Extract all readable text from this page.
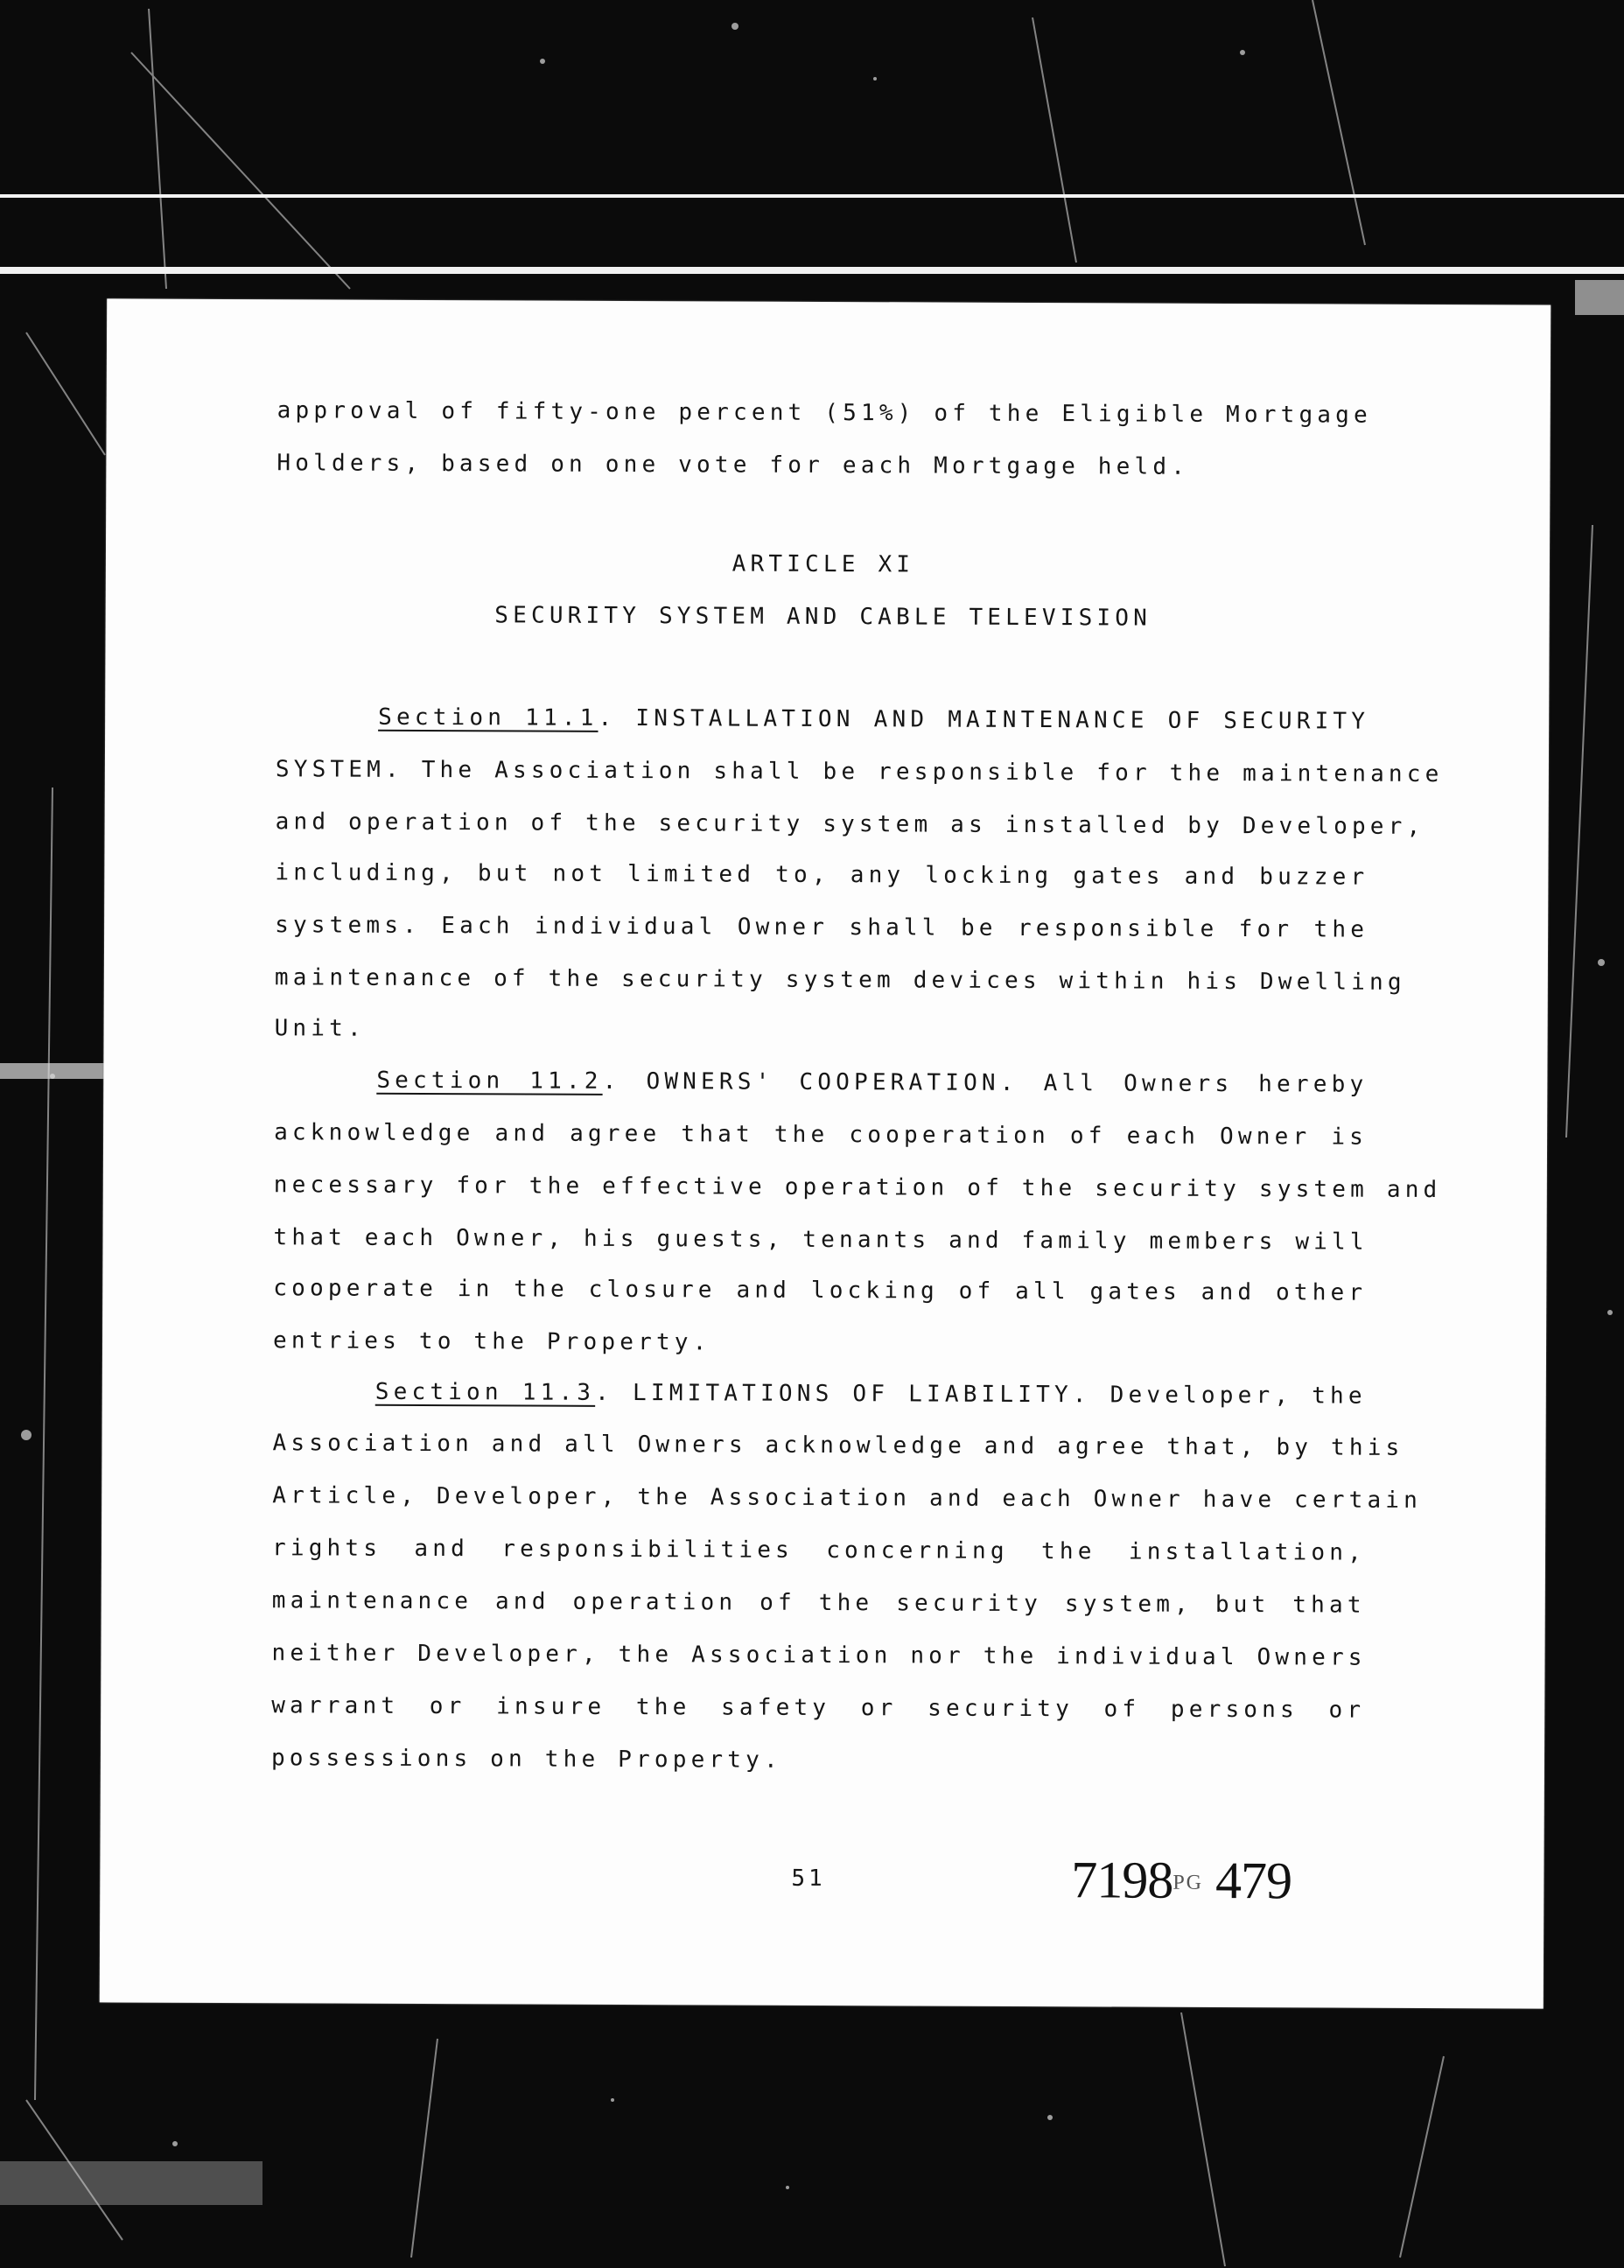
approval of fifty-one percent (51%) of the Eligible Mortgage
Holders, based on one vote for each Mortgage held.
ARTICLE XI
SECURITY SYSTEM AND CABLE TELEVISION
Section 11.1. INSTALLATION AND MAINTENANCE OF SECURITY
SYSTEM. The Association shall be responsible for the maintenance
and operation of the security system as installed by Developer,
including, but not limited to, any locking gates and buzzer
systems. Each individual Owner shall be responsible for the
maintenance of the security system devices within his Dwelling
Unit.
Section 11.2. OWNERS' COOPERATION. All Owners hereby
acknowledge and agree that the cooperation of each Owner is
necessary for the effective operation of the security system and
that each Owner, his guests, tenants and family members will
cooperate in the closure and locking of all gates and other
entries to the Property.
Section 11.3. LIMITATIONS OF LIABILITY. Developer, the
Association and all Owners acknowledge and agree that, by this
Article, Developer, the Association and each Owner have certain
rights and responsibilities concerning the installation,
maintenance and operation of the security system, but that
neither Developer, the Association nor the individual Owners
warrant or insure the safety or security of persons or
possessions on the Property.
51	7198PG 479
